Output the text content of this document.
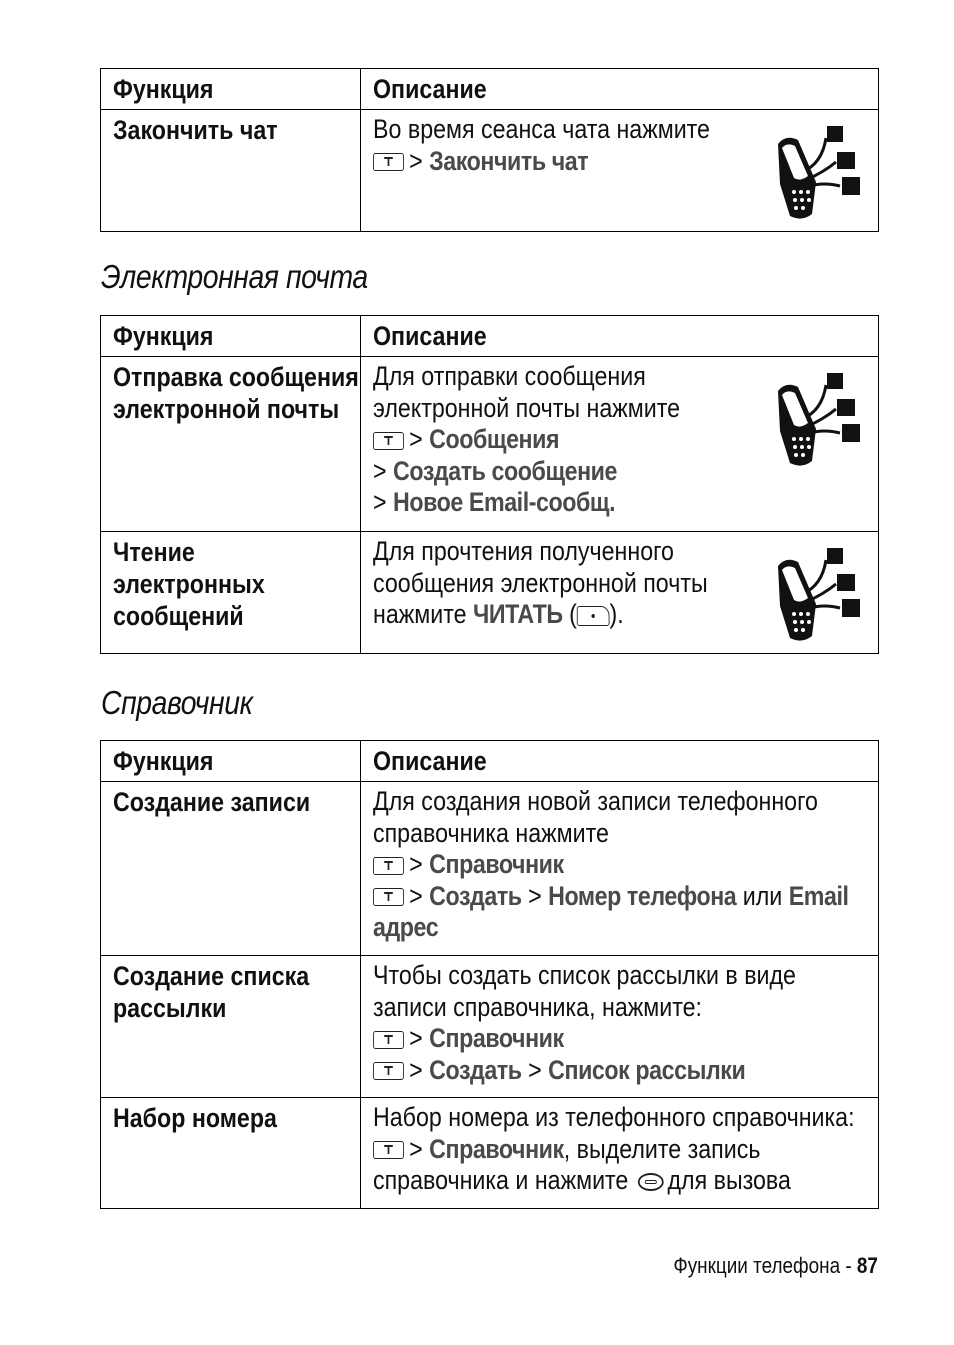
Функция	Описание

Закончить чат	Во время сеанса чата нажмите
> Закончить чат
Электронная почта
Функция	Описание

Отправка сообщения электронной почты	Для отправки сообщения электронной почты нажмите
> Сообщения
> Создать сообщение
> Новое Email-сообщ.

Чтение электронных сообщений	Для прочтения полученного сообщения электронной почты нажмите ЧИТАТЬ ( ).
Справочник
Функция	Описание

Создание записи	Для создания новой записи телефонного справочника нажмите
> Справочник
> Создать > Номер телефона или Email адрес

Создание списка рассылки	Чтобы создать список рассылки в виде записи справочника, нажмите:
> Справочник
> Создать > Список рассылки

Набор номера	Набор номера из телефонного справочника:
> Справочник, выделите запись справочника и нажмите для вызова
Функции телефона - 87
